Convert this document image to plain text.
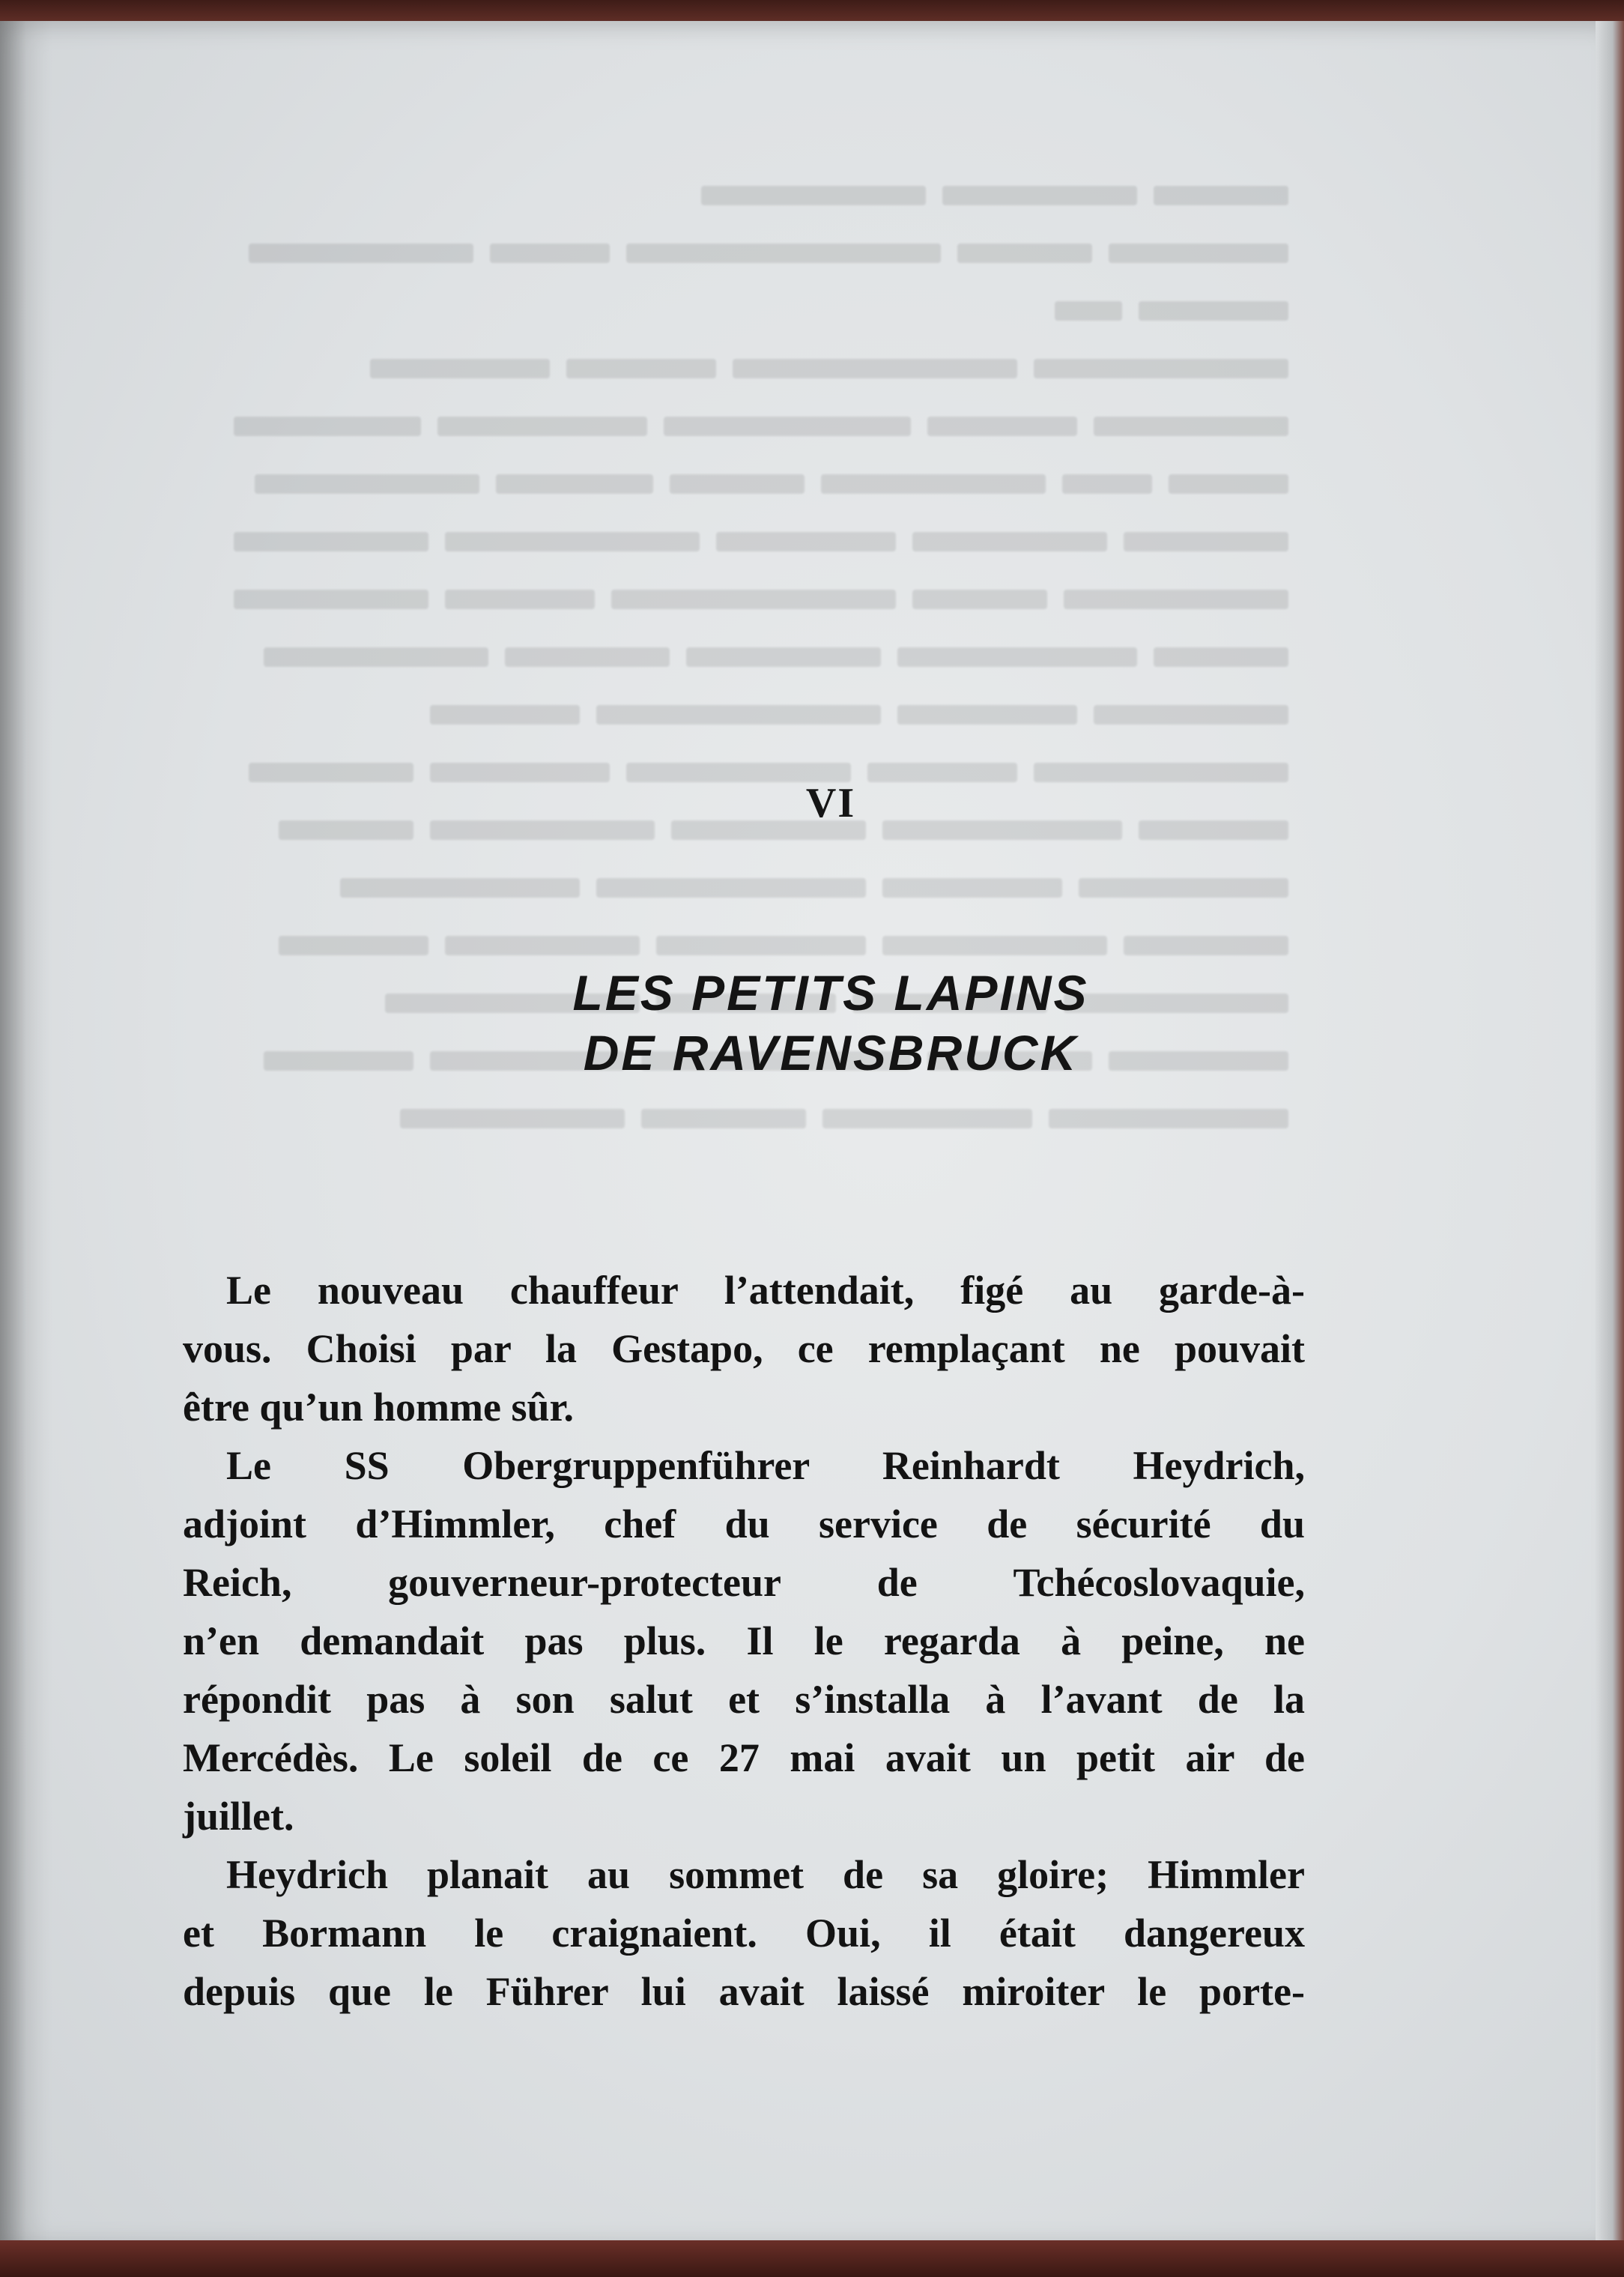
VI
LES PETITS LAPINS
DE RAVENSBRUCK
Le nouveau chauffeur l’attendait, figé au garde-à-
vous. Choisi par la Gestapo, ce remplaçant ne pouvait
être qu’un homme sûr.
Le SS Obergruppenführer Reinhardt Heydrich,
adjoint d’Himmler, chef du service de sécurité du
Reich, gouverneur-protecteur de Tchécoslovaquie,
n’en demandait pas plus. Il le regarda à peine, ne
répondit pas à son salut et s’installa à l’avant de la
Mercédès. Le soleil de ce 27 mai avait un petit air de
juillet.
Heydrich planait au sommet de sa gloire; Himmler
et Bormann le craignaient. Oui, il était dangereux
depuis que le Führer lui avait laissé miroiter le porte-
